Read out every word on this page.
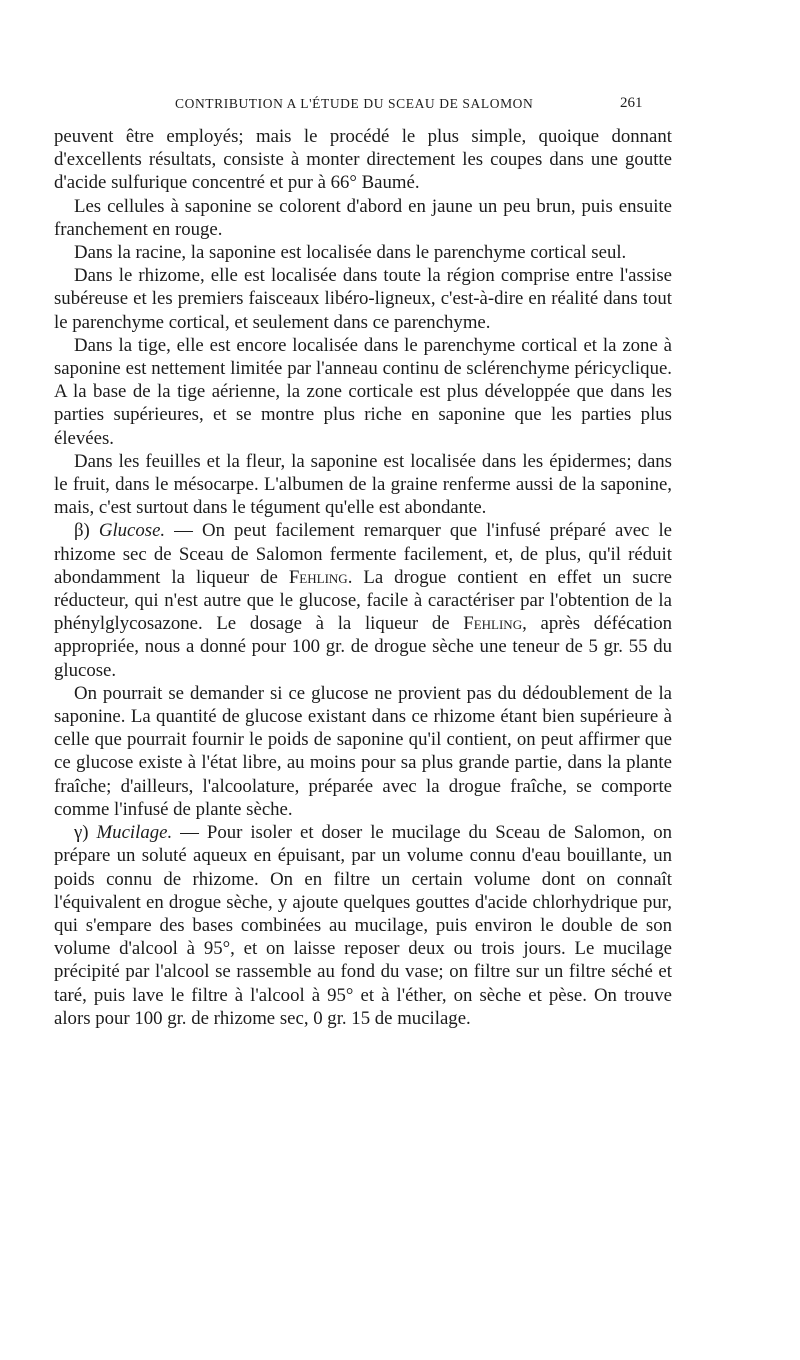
CONTRIBUTION A L'ÉTUDE DU SCEAU DE SALOMON	261

peuvent être employés; mais le procédé le plus simple, quoique donnant d'excellents résultats, consiste à monter directement les coupes dans une goutte d'acide sulfurique concentré et pur à 66° Baumé.

Les cellules à saponine se colorent d'abord en jaune un peu brun, puis ensuite franchement en rouge.

Dans la racine, la saponine est localisée dans le parenchyme cortical seul.

Dans le rhizome, elle est localisée dans toute la région comprise entre l'assise subéreuse et les premiers faisceaux libéro-ligneux, c'est-à-dire en réalité dans tout le parenchyme cortical, et seulement dans ce parenchyme.

Dans la tige, elle est encore localisée dans le parenchyme cortical et la zone à saponine est nettement limitée par l'anneau continu de sclérenchyme péricyclique. A la base de la tige aérienne, la zone corticale est plus développée que dans les parties supérieures, et se montre plus riche en saponine que les parties plus élevées.

Dans les feuilles et la fleur, la saponine est localisée dans les épidermes; dans le fruit, dans le mésocarpe. L'albumen de la graine renferme aussi de la saponine, mais, c'est surtout dans le tégument qu'elle est abondante.

β) Glucose. — On peut facilement remarquer que l'infusé préparé avec le rhizome sec de Sceau de Salomon fermente facilement, et, de plus, qu'il réduit abondamment la liqueur de Fehling. La drogue contient en effet un sucre réducteur, qui n'est autre que le glucose, facile à caractériser par l'obtention de la phénylglycosazone. Le dosage à la liqueur de Fehling, après défécation appropriée, nous a donné pour 100 gr. de drogue sèche une teneur de 5 gr. 55 du glucose.

On pourrait se demander si ce glucose ne provient pas du dédoublement de la saponine. La quantité de glucose existant dans ce rhizome étant bien supérieure à celle que pourrait fournir le poids de saponine qu'il contient, on peut affirmer que ce glucose existe à l'état libre, au moins pour sa plus grande partie, dans la plante fraîche; d'ailleurs, l'alcoolature, préparée avec la drogue fraîche, se comporte comme l'infusé de plante sèche.

γ) Mucilage. — Pour isoler et doser le mucilage du Sceau de Salomon, on prépare un soluté aqueux en épuisant, par un volume connu d'eau bouillante, un poids connu de rhizome. On en filtre un certain volume dont on connaît l'équivalent en drogue sèche, y ajoute quelques gouttes d'acide chlorhydrique pur, qui s'empare des bases combinées au mucilage, puis environ le double de son volume d'alcool à 95°, et on laisse reposer deux ou trois jours. Le mucilage précipité par l'alcool se rassemble au fond du vase; on filtre sur un filtre séché et taré, puis lave le filtre à l'alcool à 95° et à l'éther, on sèche et pèse. On trouve alors pour 100 gr. de rhizome sec, 0 gr. 15 de mucilage.
